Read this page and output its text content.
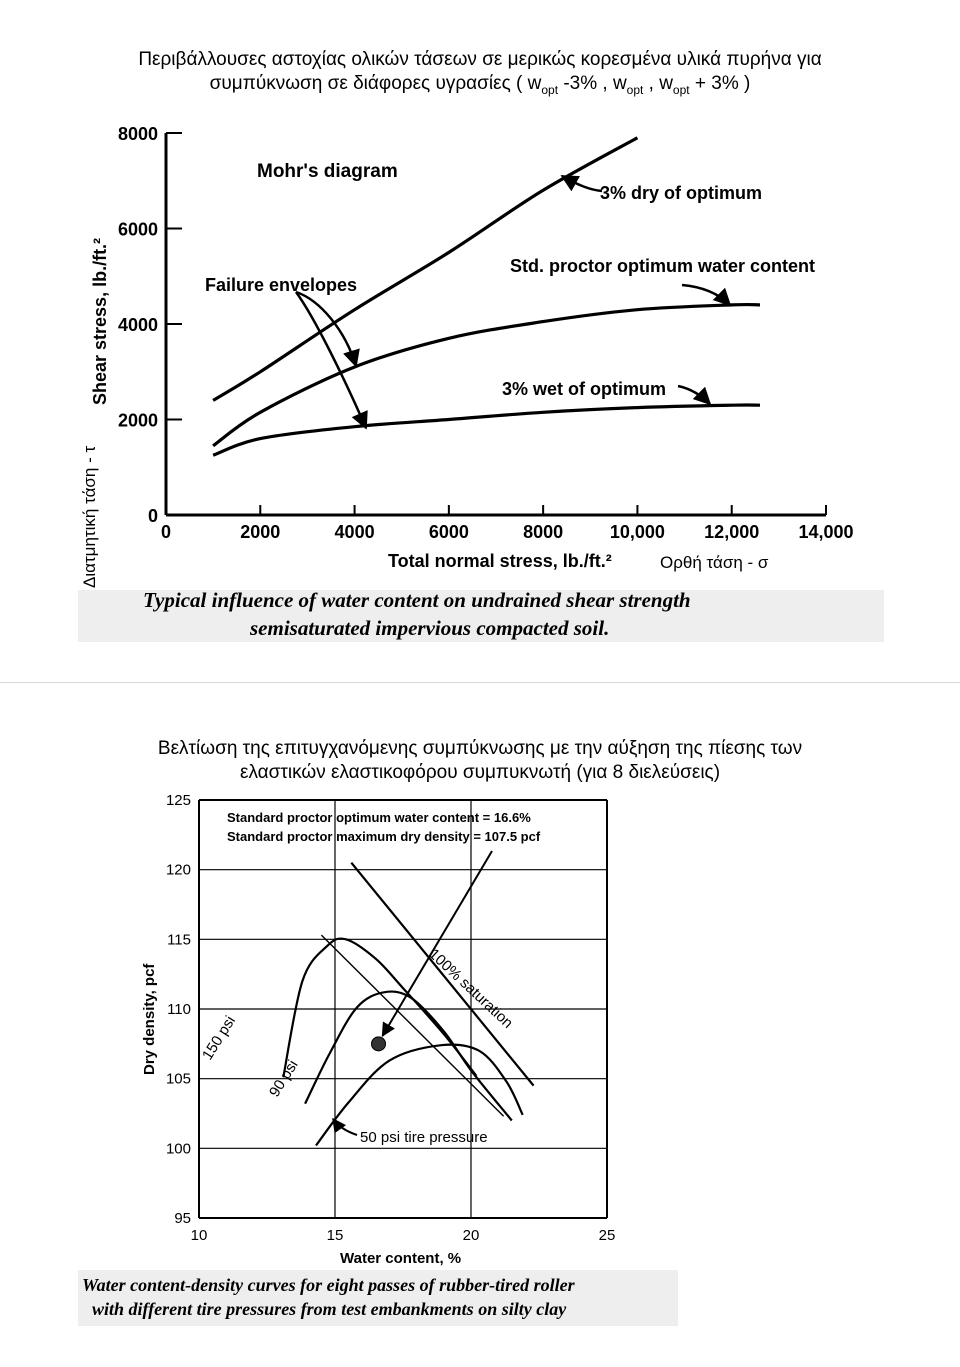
Περιβάλλουσες αστοχίας ολικών τάσεων σε μερικώς κορεσμένα υλικά πυρήνα για
συμπύκνωση σε διάφορες υγρασίες ( $w_{opt}$ -3% , $w_{opt}$ , $w_{opt} + 3\%$ )
Διατμητική τάση - τ	0	2000	4000	6000	8000	10,000 12,000 14,000
0
2000
4000
6000
8000
Mohr's diagram
Failure envelopes
3% dry of optimum
Std. proctor optimum water content
3% wet of optimum
Total normal stress, lb./ft.²
Shear stress, lb./ft.²
Ορθή τάση - σ
Typical influence of water content on undrained shear strength
semisaturated impervious compacted soil.
Βελτίωση της επιτυγχανόμενης συμπύκνωσης με την αύξηση της πίεσης των
ελαστικών ελαστικοφόρου συμπυκνωτή (για 8 διελεύσεις)
10	15	20	25
95
100
105
110
115
120
125
Standard proctor optimum water content = 16.6%
Standard proctor maximum dry density = 107.5 pcf
100% saturation
150 psi
90 psi
50 psi tire pressure
Water content, %
Dry density, pcf
Water content-density curves for eight passes of rubber-tired roller
with different tire pressures from test embankments on silty clay
